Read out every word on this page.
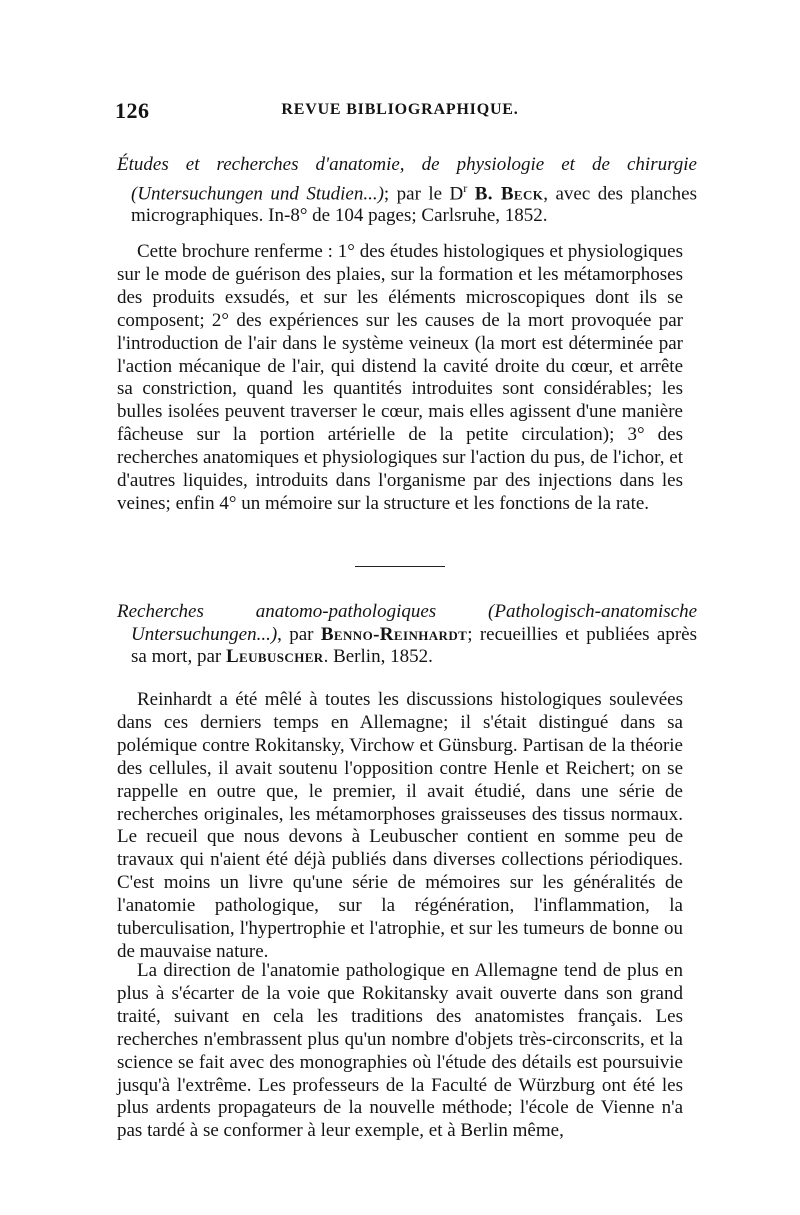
126	REVUE BIBLIOGRAPHIQUE.
Études et recherches d'anatomie, de physiologie et de chirurgie (Untersuchungen und Studien...); par le $D^r$ B. Beck, avec des planches micrographiques. In-8° de 104 pages; Carlsruhe, 1852.

Cette brochure renferme : 1° des études histologiques et physiologiques sur le mode de guérison des plaies, sur la formation et les métamorphoses des produits exsudés, et sur les éléments microscopiques dont ils se composent; 2° des expériences sur les causes de la mort provoquée par l'introduction de l'air dans le système veineux (la mort est déterminée par l'action mécanique de l'air, qui distend la cavité droite du cœur, et arrête sa constriction, quand les quantités introduites sont considérables; les bulles isolées peuvent traverser le cœur, mais elles agissent d'une manière fâcheuse sur la portion artérielle de la petite circulation); 3° des recherches anatomiques et physiologiques sur l'action du pus, de l'ichor, et d'autres liquides, introduits dans l'organisme par des injections dans les veines; enfin 4° un mémoire sur la structure et les fonctions de la rate.

Recherches anatomo-pathologiques (Pathologisch-anatomische Untersuchungen...), par Benno-Reinhardt; recueillies et publiées après sa mort, par Leubuscher. Berlin, 1852.

Reinhardt a été mêlé à toutes les discussions histologiques soulevées dans ces derniers temps en Allemagne; il s'était distingué dans sa polémique contre Rokitansky, Virchow et Günsburg. Partisan de la théorie des cellules, il avait soutenu l'opposition contre Henle et Reichert; on se rappelle en outre que, le premier, il avait étudié, dans une série de recherches originales, les métamorphoses graisseuses des tissus normaux. Le recueil que nous devons à Leubuscher contient en somme peu de travaux qui n'aient été déjà publiés dans diverses collections périodiques. C'est moins un livre qu'une série de mémoires sur les généralités de l'anatomie pathologique, sur la régénération, l'inflammation, la tuberculisation, l'hypertrophie et l'atrophie, et sur les tumeurs de bonne ou de mauvaise nature.

La direction de l'anatomie pathologique en Allemagne tend de plus en plus à s'écarter de la voie que Rokitansky avait ouverte dans son grand traité, suivant en cela les traditions des anatomistes français. Les recherches n'embrassent plus qu'un nombre d'objets très-circonscrits, et la science se fait avec des monographies où l'étude des détails est poursuivie jusqu'à l'extrême. Les professeurs de la Faculté de Würzburg ont été les plus ardents propagateurs de la nouvelle méthode; l'école de Vienne n'a pas tardé à se conformer à leur exemple, et à Berlin même,
